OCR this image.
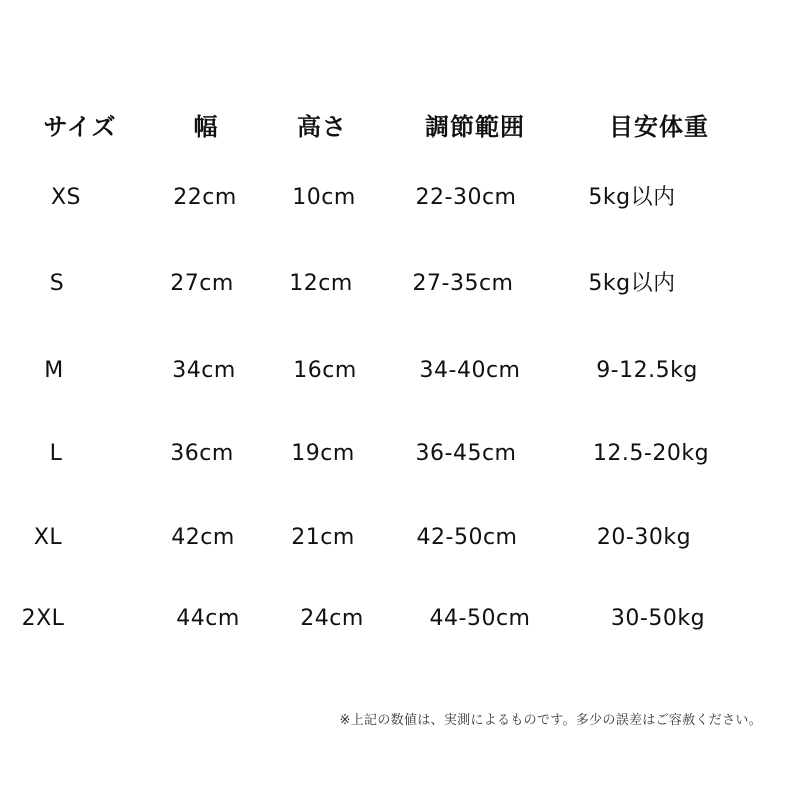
サイズ	幅	高さ	調節範囲	目安体重
XS	22cm	10cm	22-30cm	5kg以内
S	27cm	12cm	27-35cm	5kg以内
M	34cm	16cm	34-40cm	9-12.5kg
L	36cm	19cm	36-45cm	12.5-20kg
XL	42cm	21cm	42-50cm	20-30kg
2XL	44cm	24cm	44-50cm	30-50kg
※上記の数値は、実測によるものです。多少の誤差はご容赦ください。
